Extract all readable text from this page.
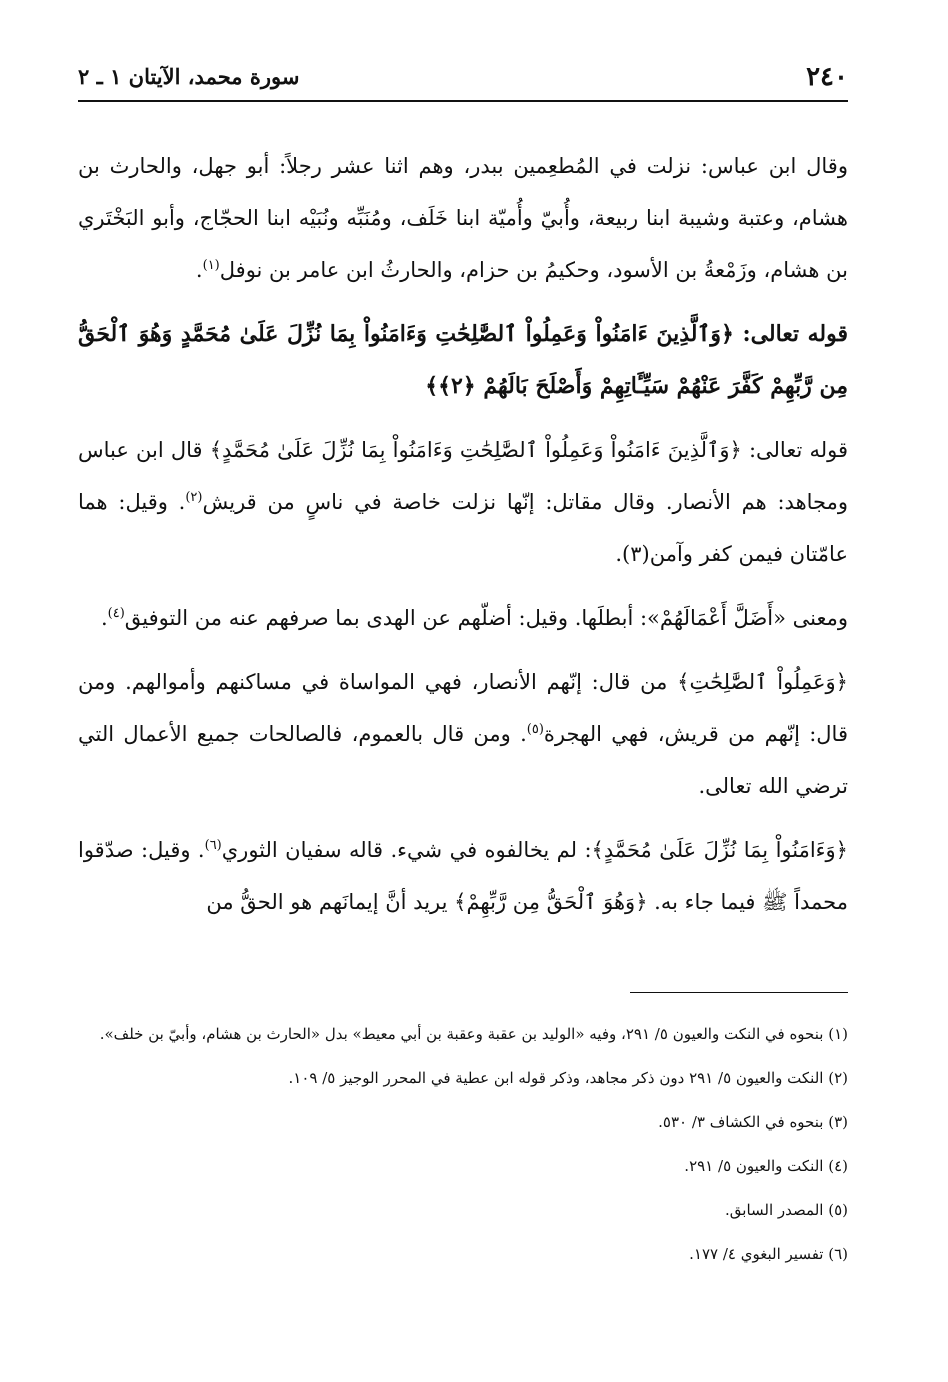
٢٤٠
سورة محمد، الآيتان ١ ـ ٢

وقال ابن عباس: نزلت في المُطعِمين ببدر، وهم اثنا عشر رجلاً: أبو جهل، والحارث بن هشام، وعتبة وشيبة ابنا ربيعة، وأُبيّ وأُميّة ابنا خَلَف، ومُنَبِّه ونُبَيْه ابنا الحجّاج، وأبو البَخْتَري بن هشام، وزَمْعةُ بن الأسود، وحكيمُ بن حزام، والحارثُ ابن عامر بن نوفل$^{(١)}$.

قوله تعالى: ﴿وَٱلَّذِينَ ءَامَنُواْ وَعَمِلُواْ ٱلصَّٰلِحَٰتِ وَءَامَنُواْ بِمَا نُزِّلَ عَلَىٰ مُحَمَّدٍ وَهُوَ ٱلْحَقُّ مِن رَّبِّهِمْ كَفَّرَ عَنْهُمْ سَيِّـَٔاتِهِمْ وَأَصْلَحَ بَالَهُمْ ﴿٢﴾﴾

قوله تعالى: ﴿وَٱلَّذِينَ ءَامَنُواْ وَعَمِلُواْ ٱلصَّٰلِحَٰتِ وَءَامَنُواْ بِمَا نُزِّلَ عَلَىٰ مُحَمَّدٍ﴾ قال ابن عباس ومجاهد: هم الأنصار. وقال مقاتل: إنّها نزلت خاصة في ناسٍ من قريش$^{(٢)}$. وقيل: هما عامّتان فيمن كفر وآمن(٣).

ومعنى «أَضَلَّ أَعْمَالَهُمْ»: أبطلَها. وقيل: أضلّهم عن الهدى بما صرفهم عنه من التوفيق$^{(٤)}$.

﴿وَعَمِلُواْ ٱلصَّٰلِحَٰتِ﴾ من قال: إنّهم الأنصار، فهي المواساة في مساكنهم وأموالهم. ومن قال: إنّهم من قريش، فهي الهجرة$^{(٥)}$. ومن قال بالعموم، فالصالحات جميع الأعمال التي ترضي الله تعالى.

﴿وَءَامَنُواْ بِمَا نُزِّلَ عَلَىٰ مُحَمَّدٍ﴾: لم يخالفوه في شيء. قاله سفيان الثوري$^{(٦)}$. وقيل: صدّقوا محمداً ﷺ فيما جاء به. ﴿وَهُوَ ٱلْحَقُّ مِن رَّبِّهِمْ﴾ يريد أنَّ إيمانَهم هو الحقُّ من

(١) بنحوه في النكت والعيون ٥/ ٢٩١، وفيه «الوليد بن عقبة وعقبة بن أبي معيط» بدل «الحارث بن هشام، وأبيّ بن خلف».

(٢) النكت والعيون ٥/ ٢٩١ دون ذكر مجاهد، وذكر قوله ابن عطية في المحرر الوجيز ٥/ ١٠٩.

(٣) بنحوه في الكشاف ٣/ ٥٣٠.

(٤) النكت والعيون ٥/ ٢٩١.

(٥) المصدر السابق.

(٦) تفسير البغوي ٤/ ١٧٧.
